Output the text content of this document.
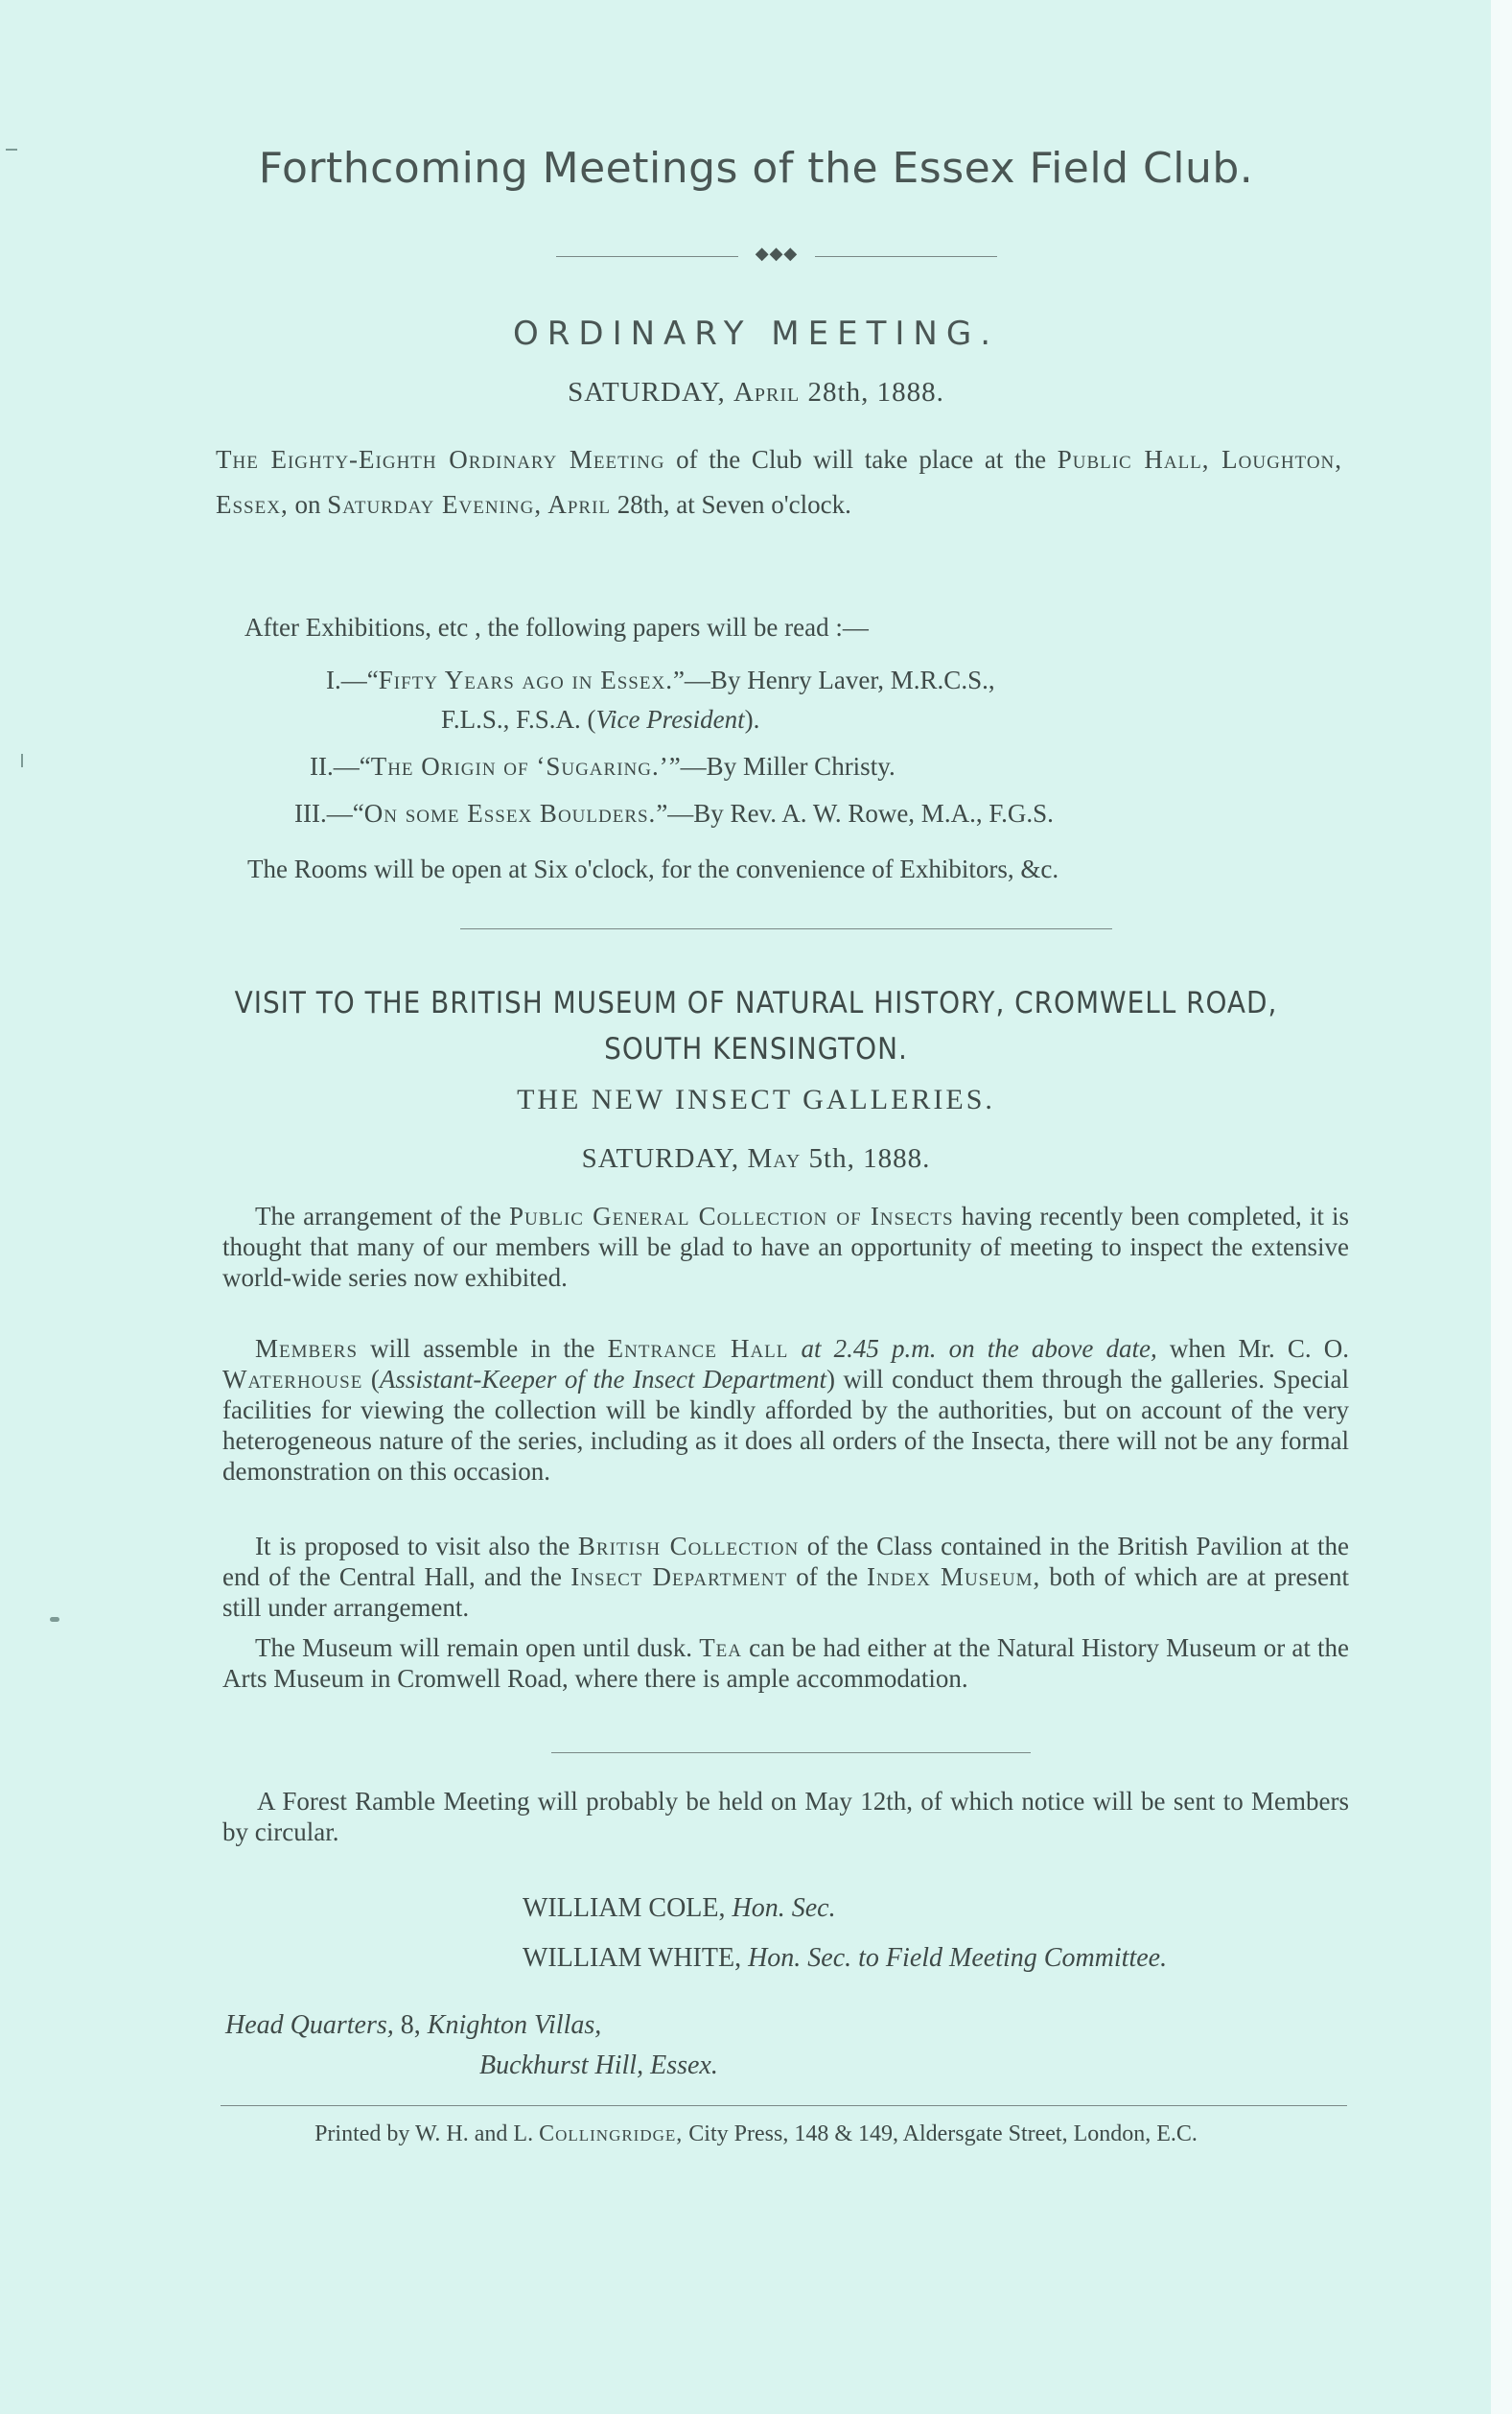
Forthcoming Meetings of the Essex Field Club.
◆◆◆
ORDINARY MEETING.
SATURDAY, April 28th, 1888.
The Eighty-Eighth Ordinary Meeting of the Club will take place at the Public Hall, Loughton, Essex, on Saturday Evening, April 28th, at Seven o'clock.
After Exhibitions, etc , the following papers will be read :—
I.—“Fifty Years ago in Essex.”—By Henry Laver, M.R.C.S.,
F.L.S., F.S.A. (Vice President).
II.—“The Origin of ‘Sugaring.’”—By Miller Christy.
III.—“On some Essex Boulders.”—By Rev. A. W. Rowe, M.A., F.G.S.
The Rooms will be open at Six o'clock, for the convenience of Exhibitors, &c.
VISIT TO THE BRITISH MUSEUM OF NATURAL HISTORY, CROMWELL ROAD,
SOUTH KENSINGTON.
THE NEW INSECT GALLERIES.
SATURDAY, May 5th, 1888.
The arrangement of the Public General Collection of Insects having recently been completed, it is thought that many of our members will be glad to have an opportunity of meeting to inspect the extensive world-wide series now exhibited.
Members will assemble in the Entrance Hall at 2.45 p.m. on the above date, when Mr. C. O. Waterhouse (Assistant-Keeper of the Insect Department) will conduct them through the galleries. Special facilities for viewing the collection will be kindly afforded by the authorities, but on account of the very heterogeneous nature of the series, including as it does all orders of the Insecta, there will not be any formal demonstration on this occasion.
It is proposed to visit also the British Collection of the Class contained in the British Pavilion at the end of the Central Hall, and the Insect Department of the Index Museum, both of which are at present still under arrangement.
The Museum will remain open until dusk. Tea can be had either at the Natural History Museum or at the Arts Museum in Cromwell Road, where there is ample accommodation.
A Forest Ramble Meeting will probably be held on May 12th, of which notice will be sent to Members by circular.
WILLIAM COLE, Hon. Sec.
WILLIAM WHITE, Hon. Sec. to Field Meeting Committee.
Head Quarters, 8, Knighton Villas,
Buckhurst Hill, Essex.
Printed by W. H. and L. Collingridge, City Press, 148 & 149, Aldersgate Street, London, E.C.
